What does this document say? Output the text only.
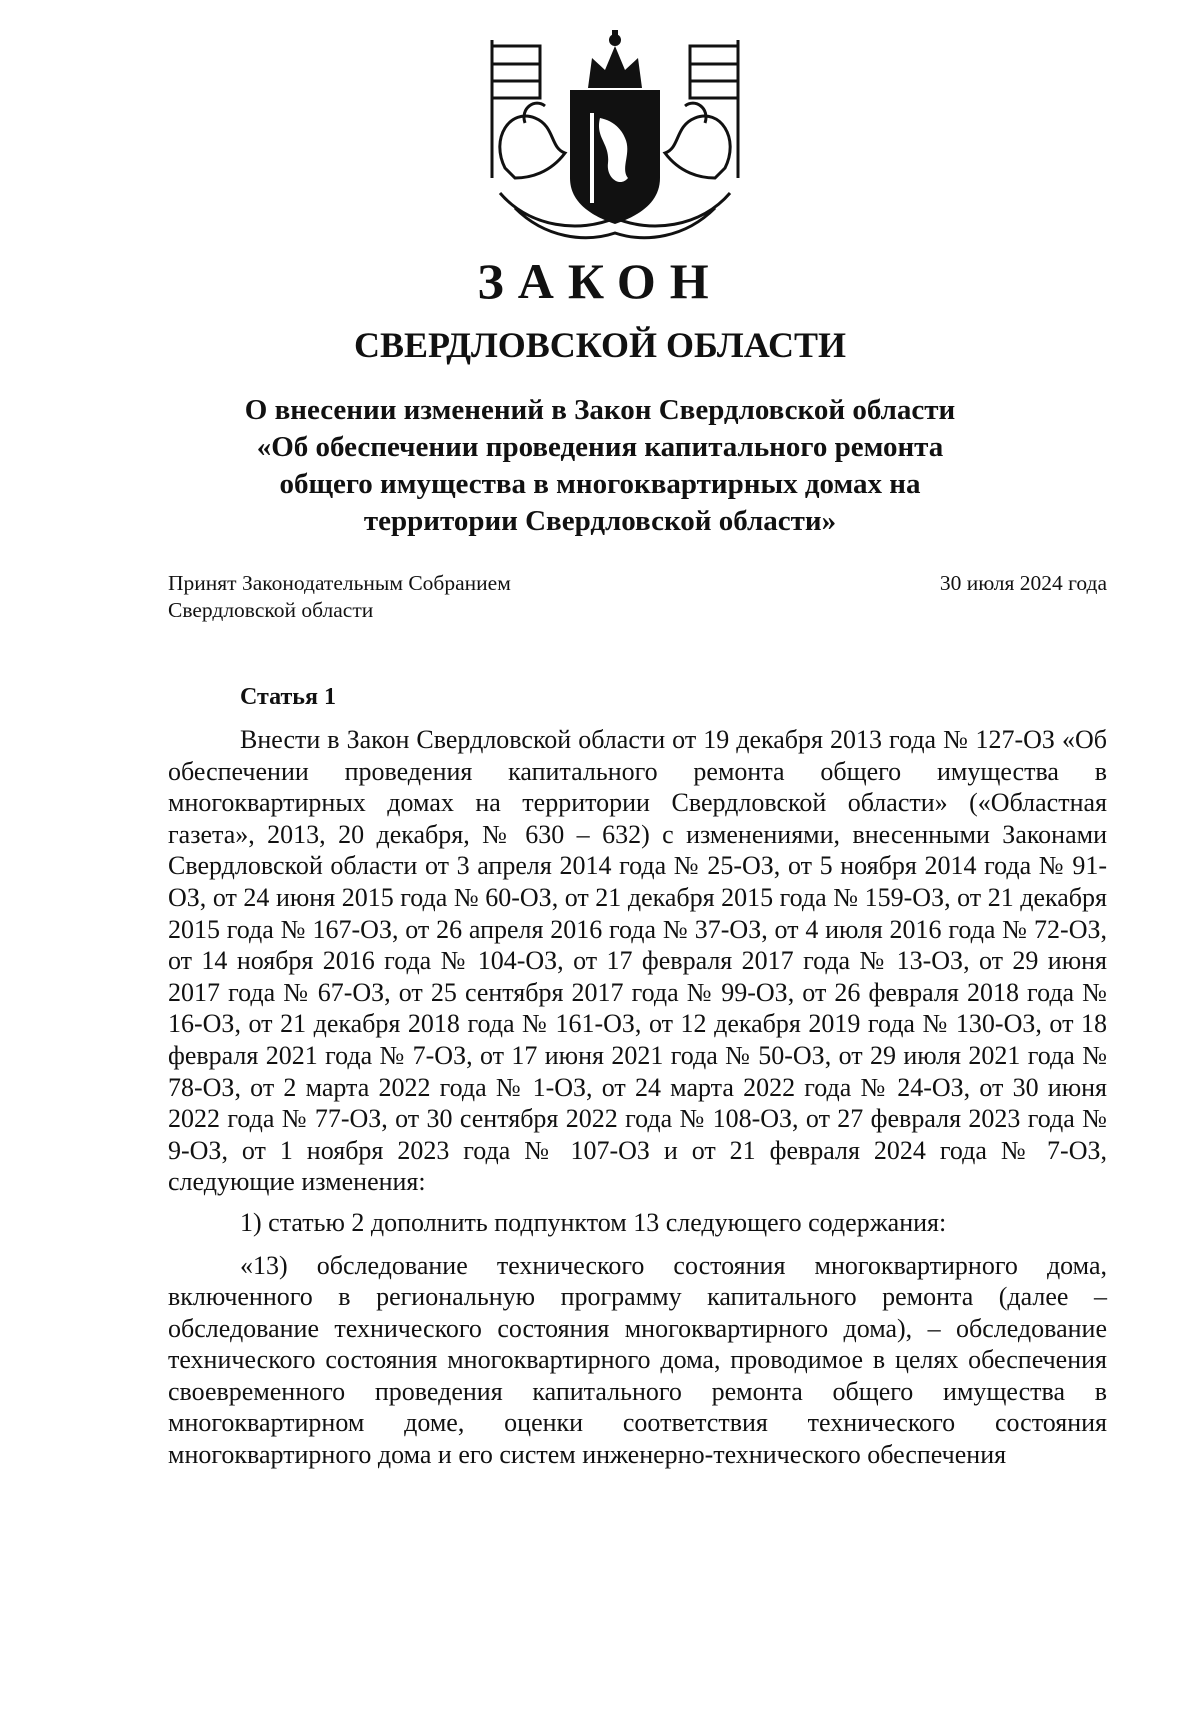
ЗАКОН
СВЕРДЛОВСКОЙ ОБЛАСТИ

О внесении изменений в Закон Свердловской области «Об обеспечении проведения капитального ремонта общего имущества в многоквартирных домах на территории Свердловской области»

Принят Законодательным Собранием
Свердловской области
30 июля 2024 года
Статья 1

Внести в Закон Свердловской области от 19 декабря 2013 года № 127-ОЗ «Об обеспечении проведения капитального ремонта общего имущества в многоквартирных домах на территории Свердловской области» («Областная газета», 2013, 20 декабря, № 630 – 632) с изменениями, внесенными Законами Свердловской области от 3 апреля 2014 года № 25-ОЗ, от 5 ноября 2014 года № 91-ОЗ, от 24 июня 2015 года № 60-ОЗ, от 21 декабря 2015 года № 159-ОЗ, от 21 декабря 2015 года № 167-ОЗ, от 26 апреля 2016 года № 37-ОЗ, от 4 июля 2016 года № 72-ОЗ, от 14 ноября 2016 года № 104-ОЗ, от 17 февраля 2017 года № 13-ОЗ, от 29 июня 2017 года № 67-ОЗ, от 25 сентября 2017 года № 99-ОЗ, от 26 февраля 2018 года № 16-ОЗ, от 21 декабря 2018 года № 161-ОЗ, от 12 декабря 2019 года № 130-ОЗ, от 18 февраля 2021 года № 7-ОЗ, от 17 июня 2021 года № 50-ОЗ, от 29 июля 2021 года № 78-ОЗ, от 2 марта 2022 года № 1-ОЗ, от 24 марта 2022 года № 24-ОЗ, от 30 июня 2022 года № 77-ОЗ, от 30 сентября 2022 года № 108-ОЗ, от 27 февраля 2023 года № 9-ОЗ, от 1 ноября 2023 года № 107-ОЗ и от 21 февраля 2024 года № 7-ОЗ, следующие изменения:

1) статью 2 дополнить подпунктом 13 следующего содержания:

«13) обследование технического состояния многоквартирного дома, включенного в региональную программу капитального ремонта (далее – обследование технического состояния многоквартирного дома), – обследование технического состояния многоквартирного дома, проводимое в целях обеспечения своевременного проведения капитального ремонта общего имущества в многоквартирном доме, оценки соответствия технического состояния многоквартирного дома и его систем инженерно-технического обеспечения
